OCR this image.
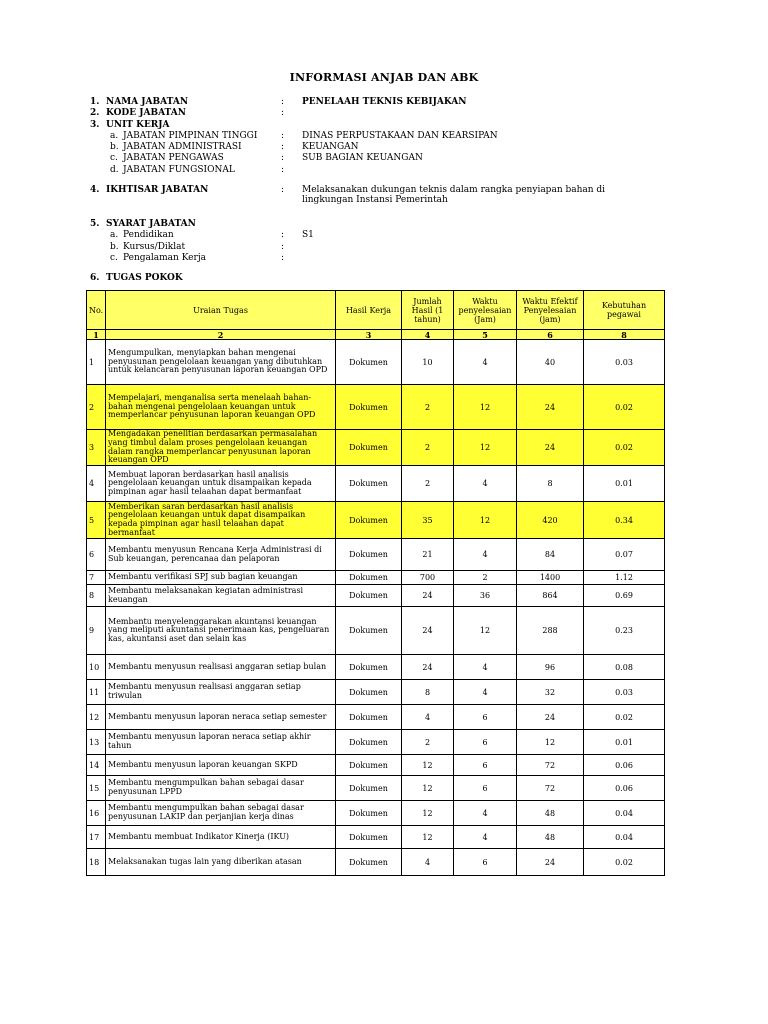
INFORMASI ANJAB DAN ABK
1. NAMA JABATAN	: PENELAAH TEKNIS KEBIJAKAN
2. KODE JABATAN	:
3. UNIT KERJA
a. JABATAN PIMPINAN TINGGI	: DINAS PERPUSTAKAAN DAN KEARSIPAN
b. JABATAN ADMINISTRASI	: KEUANGAN
c. JABATAN PENGAWAS	: SUB BAGIAN KEUANGAN
d. JABATAN FUNGSIONAL	:
4. IKHTISAR JABATAN	: Melaksanakan dukungan teknis dalam rangka penyiapan bahan di lingkungan Instansi Pemerintah
5. SYARAT JABATAN
a. Pendidikan	: S1
b. Kursus/Diklat	:
c. Pengalaman Kerja	:
6. TUGAS POKOK
No.	Uraian Tugas	Hasil Kerja	Jumlah Hasil (1 tahun)	Waktu penyelesaian (Jam)	Waktu Efektif Penyelesaian (jam)	Kebutuhan pegawai
1	2	3	4	5	6	8
1	Mengumpulkan, menyiapkan bahan mengenai penyusunan pengelolaan keuangan yang dibutuhkan untuk kelancaran penyusunan laporan keuangan OPD	Dokumen	10	4	40	0.03
2	Mempelajari, menganalisa serta menelaah bahan-bahan mengenai pengelolaan keuangan untuk memperlancar penyusunan laporan keuangan OPD	Dokumen	2	12	24	0.02
3	Mengadakan penelitian berdasarkan permasalahan yang timbul dalam proses pengelolaan keuangan dalam rangka memperlancar penyusunan laporan keuangan OPD	Dokumen	2	12	24	0.02
4	Membuat laporan berdasarkan hasil analisis pengelolaan keuangan untuk disampaikan kepada pimpinan agar hasil telaahan dapat bermanfaat	Dokumen	2	4	8	0.01
5	Memberikan saran berdasarkan hasil analisis pengelolaan keuangan untuk dapat disampaikan kepada pimpinan agar hasil telaahan dapat bermanfaat	Dokumen	35	12	420	0.34
6	Membantu menyusun Rencana Kerja Administrasi di Sub keuangan, perencanaa dan pelaporan	Dokumen	21	4	84	0.07
7	Membantu verifikasi SPJ sub bagian keuangan	Dokumen	700	2	1400	1.12
8	Membantu melaksanakan kegiatan administrasi keuangan	Dokumen	24	36	864	0.69
9	Membantu menyelenggarakan akuntansi keuangan yang meliputi akuntansi penerimaan kas, pengeluaran kas, akuntansi aset dan selain kas	Dokumen	24	12	288	0.23
10	Membantu menyusun realisasi anggaran setiap bulan	Dokumen	24	4	96	0.08
11	Membantu menyusun realisasi anggaran setiap triwulan	Dokumen	8	4	32	0.03
12	Membantu menyusun laporan neraca setiap semester	Dokumen	4	6	24	0.02
13	Membantu menyusun laporan neraca setiap akhir tahun	Dokumen	2	6	12	0.01
14	Membantu menyusun laporan keuangan SKPD	Dokumen	12	6	72	0.06
15	Membantu mengumpulkan bahan sebagai dasar penyusunan LPPD	Dokumen	12	6	72	0.06
16	Membantu mengumpulkan bahan sebagai dasar penyusunan LAKIP dan perjanjian kerja dinas	Dokumen	12	4	48	0.04
17	Membantu membuat Indikator Kinerja (IKU)	Dokumen	12	4	48	0.04
18	Melaksanakan tugas lain yang diberikan atasan	Dokumen	4	6	24	0.02
